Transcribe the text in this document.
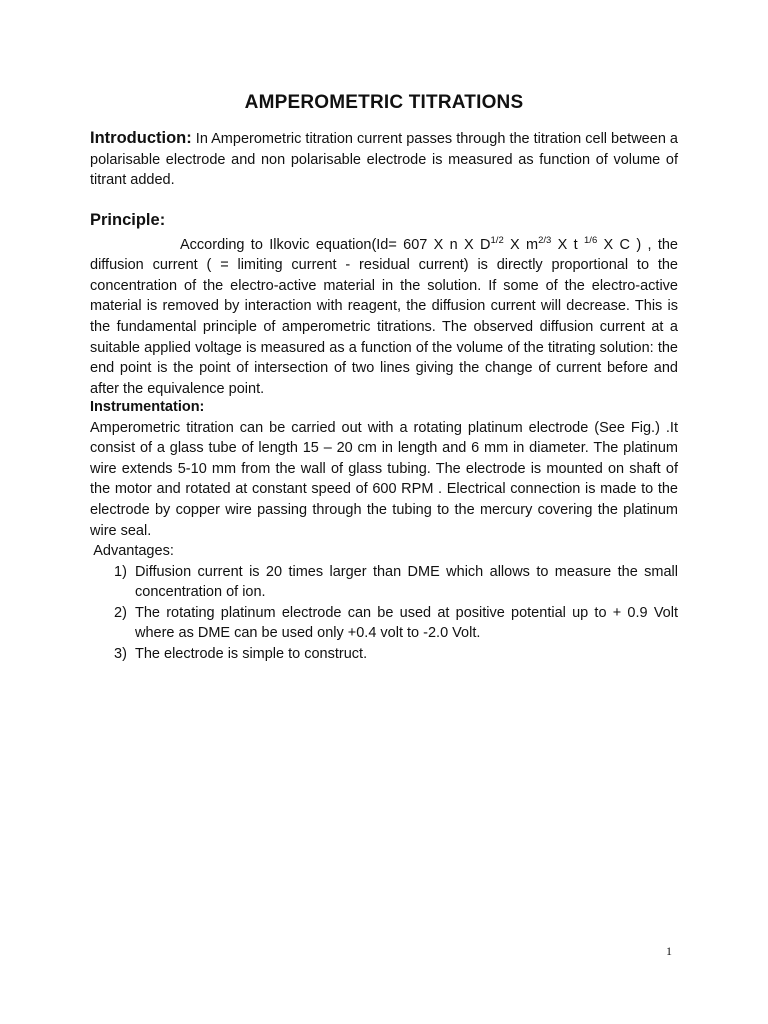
AMPEROMETRIC TITRATIONS
Introduction: In Amperometric titration current passes through the titration cell between a polarisable electrode and non polarisable electrode is measured as function of volume of titrant added.
Principle:
According to Ilkovic equation(Id= 607 X n X $D^{1/2}$ X $m^{2/3}$ X t $^{1/6}$ X C ) , the diffusion current ( = limiting current - residual current) is directly proportional to the concentration of the electro-active material in the solution. If some of the electro-active material is removed by interaction with reagent, the diffusion current will decrease. This is the fundamental principle of amperometric titrations. The observed diffusion current at a suitable applied voltage is measured as a function of the volume of the titrating solution: the end point is the point of intersection of two lines giving the change of current before and after the equivalence point.
Instrumentation:
Amperometric titration can be carried out with a rotating platinum electrode (See Fig.) .It consist of a glass tube of length 15 – 20 cm in length and 6 mm in diameter. The platinum wire extends 5-10 mm from the wall of glass tubing. The electrode is mounted on shaft of the motor and rotated at constant speed of 600 RPM . Electrical connection is made to the electrode by copper wire passing through the tubing to the mercury covering the platinum wire seal.
Advantages:
1) Diffusion current is 20 times larger than DME which allows to measure the small concentration of ion.
2) The rotating platinum electrode can be used at positive potential up to + 0.9 Volt where as DME can be used only +0.4 volt to -2.0 Volt.
3) The electrode is simple to construct.
1
